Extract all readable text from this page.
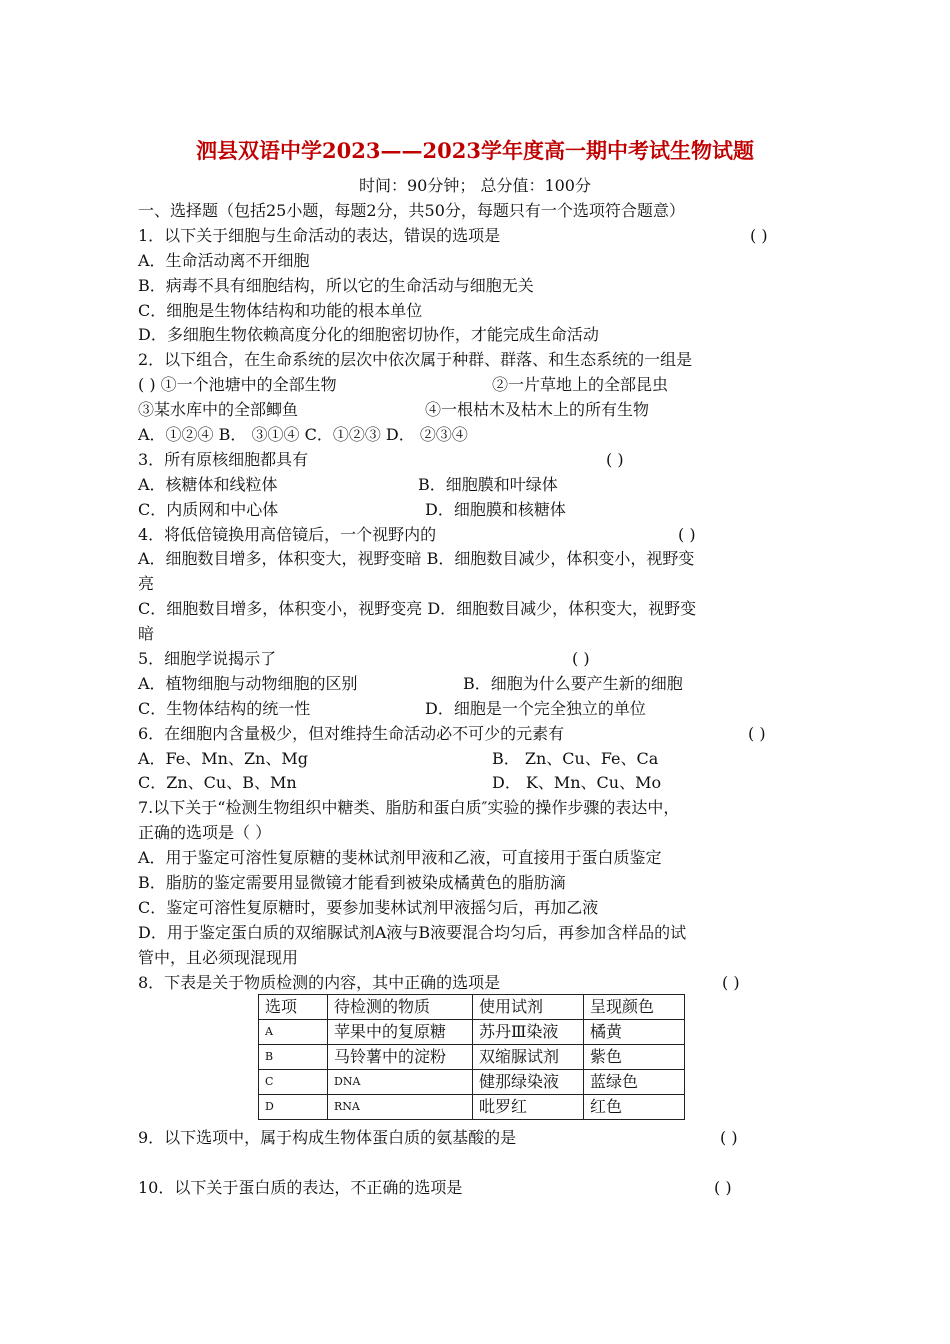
泗县双语中学2023——2023学年度高一期中考试生物试题
时间：90分钟； 总分值：100分
一、选择题（包括25小题，每题2分，共50分，每题只有一个选项符合题意）
1．以下关于细胞与生命活动的表达，错误的选项是	( )
A．生命活动离不开细胞
B．病毒不具有细胞结构，所以它的生命活动与细胞无关
C．细胞是生物体结构和功能的根本单位
D．多细胞生物依赖高度分化的细胞密切协作，才能完成生命活动
2．以下组合，在生命系统的层次中依次属于种群、群落、和生态系统的一组是
( ) ①一个池塘中的全部生物	②一片草地上的全部昆虫
③某水库中的全部鲫鱼	④一根枯木及枯木上的所有生物
A．①②④ B． ③①④ C．①②③ D． ②③④
3．所有原核细胞都具有	( )
A．核糖体和线粒体	B．细胞膜和叶绿体
C．内质网和中心体	D．细胞膜和核糖体
4．将低倍镜换用高倍镜后，一个视野内的	( )
A．细胞数目增多，体积变大，视野变暗 B．细胞数目减少，体积变小，视野变
亮
C．细胞数目增多，体积变小，视野变亮 D．细胞数目减少，体积变大，视野变
暗
5．细胞学说揭示了	( )
A．植物细胞与动物细胞的区别	B．细胞为什么要产生新的细胞
C．生物体结构的统一性	D．细胞是一个完全独立的单位
6．在细胞内含量极少，但对维持生命活动必不可少的元素有	( )
A．Fe、Mn、Zn、Mg	B． Zn、Cu、Fe、Ca
C．Zn、Cu、B、Mn	D． K、Mn、Cu、Mo
7.以下关于“检测生物组织中糖类、脂肪和蛋白质″实验的操作步骤的表达中，
正确的选项是（ ）
A．用于鉴定可溶性复原糖的斐林试剂甲液和乙液，可直接用于蛋白质鉴定
B．脂肪的鉴定需要用显微镜才能看到被染成橘黄色的脂肪滴
C．鉴定可溶性复原糖时，要参加斐林试剂甲液摇匀后，再加乙液
D．用于鉴定蛋白质的双缩脲试剂A液与B液要混合均匀后，再参加含样品的试
管中，且必须现混现用
8．下表是关于物质检测的内容，其中正确的选项是	( )
选项	待检测的物质	使用试剂	呈现颜色
A	苹果中的复原糖	苏丹Ⅲ染液	橘黄
B	马铃薯中的淀粉	双缩脲试剂	紫色
C	DNA	健那绿染液	蓝绿色
D	RNA	吡罗红	红色
9．以下选项中，属于构成生物体蛋白质的氨基酸的是	( )
10．以下关于蛋白质的表达，不正确的选项是	( )
